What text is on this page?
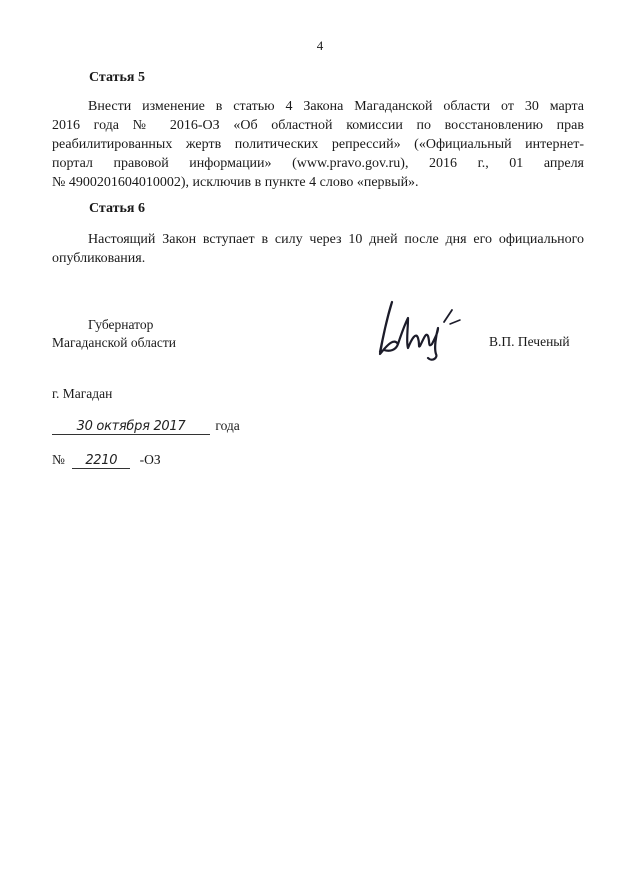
4
Статья 5
Внести изменение в статью 4 Закона Магаданской области от 30 марта
2016 года № 2016-ОЗ «Об областной комиссии по восстановлению прав
реабилитированных жертв политических репрессий» («Официальный интернет-
портал правовой информации» (www.pravo.gov.ru), 2016 г., 01 апреля
№ 4900201604010002), исключив в пункте 4 слово «первый».
Статья 6
Настоящий Закон вступает в силу через 10 дней после дня его официального
опубликования.
Губернатор
Магаданской области	В.П. Печеный
г. Магадан
30 октября 2017 года
№ 2210 -ОЗ
